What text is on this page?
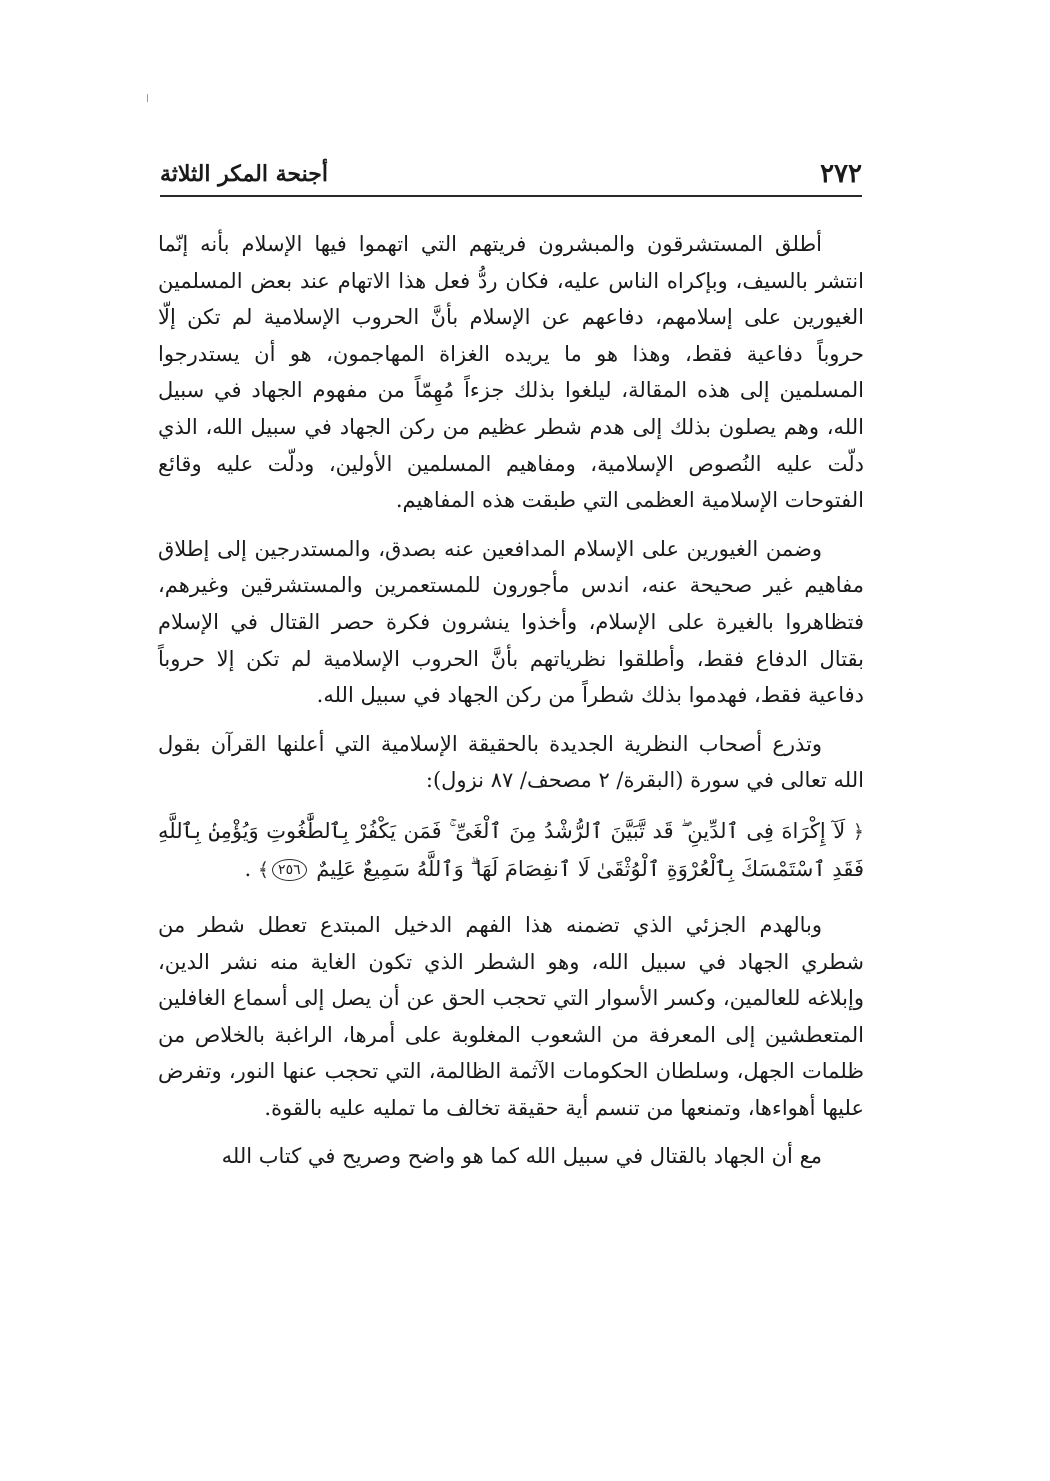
٢٧٢
أجنحة المكر الثلاثة

أطلق المستشرقون والمبشرون فريتهم التي اتهموا فيها الإسلام بأنه إنّما انتشر بالسيف، وبإكراه الناس عليه، فكان ردُّ فعل هذا الاتهام عند بعض المسلمين الغيورين على إسلامهم، دفاعهم عن الإسلام بأنَّ الحروب الإسلامية لم تكن إلّا حروباً دفاعية فقط، وهذا هو ما يريده الغزاة المهاجمون، هو أن يستدرجوا المسلمين إلى هذه المقالة، ليلغوا بذلك جزءاً مُهِمّاً من مفهوم الجهاد في سبيل الله، وهم يصلون بذلك إلى هدم شطر عظيم من ركن الجهاد في سبيل الله، الذي دلّت عليه النُصوص الإسلامية، ومفاهيم المسلمين الأولين، ودلّت عليه وقائع الفتوحات الإسلامية العظمى التي طبقت هذه المفاهيم.

وضمن الغيورين على الإسلام المدافعين عنه بصدق، والمستدرجين إلى إطلاق مفاهيم غير صحيحة عنه، اندس مأجورون للمستعمرين والمستشرقين وغيرهم، فتظاهروا بالغيرة على الإسلام، وأخذوا ينشرون فكرة حصر القتال في الإسلام بقتال الدفاع فقط، وأطلقوا نظرياتهم بأنَّ الحروب الإسلامية لم تكن إلا حروباً دفاعية فقط، فهدموا بذلك شطراً من ركن الجهاد في سبيل الله.

وتذرع أصحاب النظرية الجديدة بالحقيقة الإسلامية التي أعلنها القرآن بقول الله تعالى في سورة (البقرة/ ٢ مصحف/ ٨٧ نزول):

﴿ لَآ إِكْرَاهَ فِى ٱلدِّينِ ۖ قَد تَّبَيَّنَ ٱلرُّشْدُ مِنَ ٱلْغَىِّ ۚ فَمَن يَكْفُرْ بِٱلطَّٰغُوتِ وَيُؤْمِنۢ بِٱللَّهِ فَقَدِ ٱسْتَمْسَكَ بِٱلْعُرْوَةِ ٱلْوُثْقَىٰ لَا ٱنفِصَامَ لَهَا ۗ وَٱللَّهُ سَمِيعٌ عَلِيمٌ ٢٥٦﴾ .

وبالهدم الجزئي الذي تضمنه هذا الفهم الدخيل المبتدع تعطل شطر من شطري الجهاد في سبيل الله، وهو الشطر الذي تكون الغاية منه نشر الدين، وإبلاغه للعالمين، وكسر الأسوار التي تحجب الحق عن أن يصل إلى أسماع الغافلين المتعطشين إلى المعرفة من الشعوب المغلوبة على أمرها، الراغبة بالخلاص من ظلمات الجهل، وسلطان الحكومات الآثمة الظالمة، التي تحجب عنها النور، وتفرض عليها أهواءها، وتمنعها من تنسم أية حقيقة تخالف ما تمليه عليه بالقوة.

مع أن الجهاد بالقتال في سبيل الله كما هو واضح وصريح في كتاب الله
